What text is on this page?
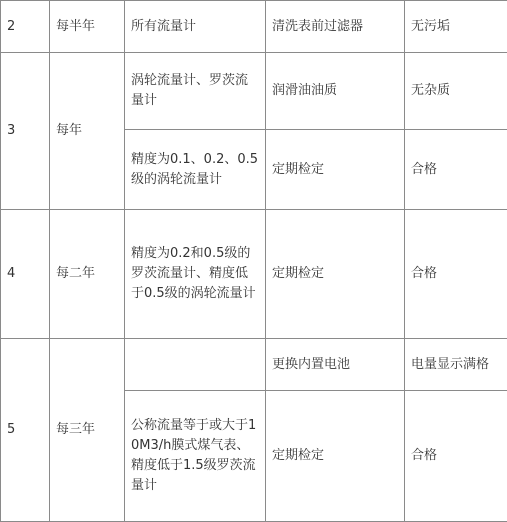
2	每半年	所有流量计	清洗表前过滤器	无污垢
3	每年	涡轮流量计、罗茨流量计	润滑油油质	无杂质
		精度为0.1、0.2、0.5级的涡轮流量计	定期检定	合格
4	每二年	精度为0.2和0.5级的罗茨流量计、精度低于0.5级的涡轮流量计	定期检定	合格
5	每三年		更换内置电池	电量显示满格
		公称流量等于或大于10M3/h膜式煤气表、精度低于1.5级罗茨流量计	定期检定	合格
